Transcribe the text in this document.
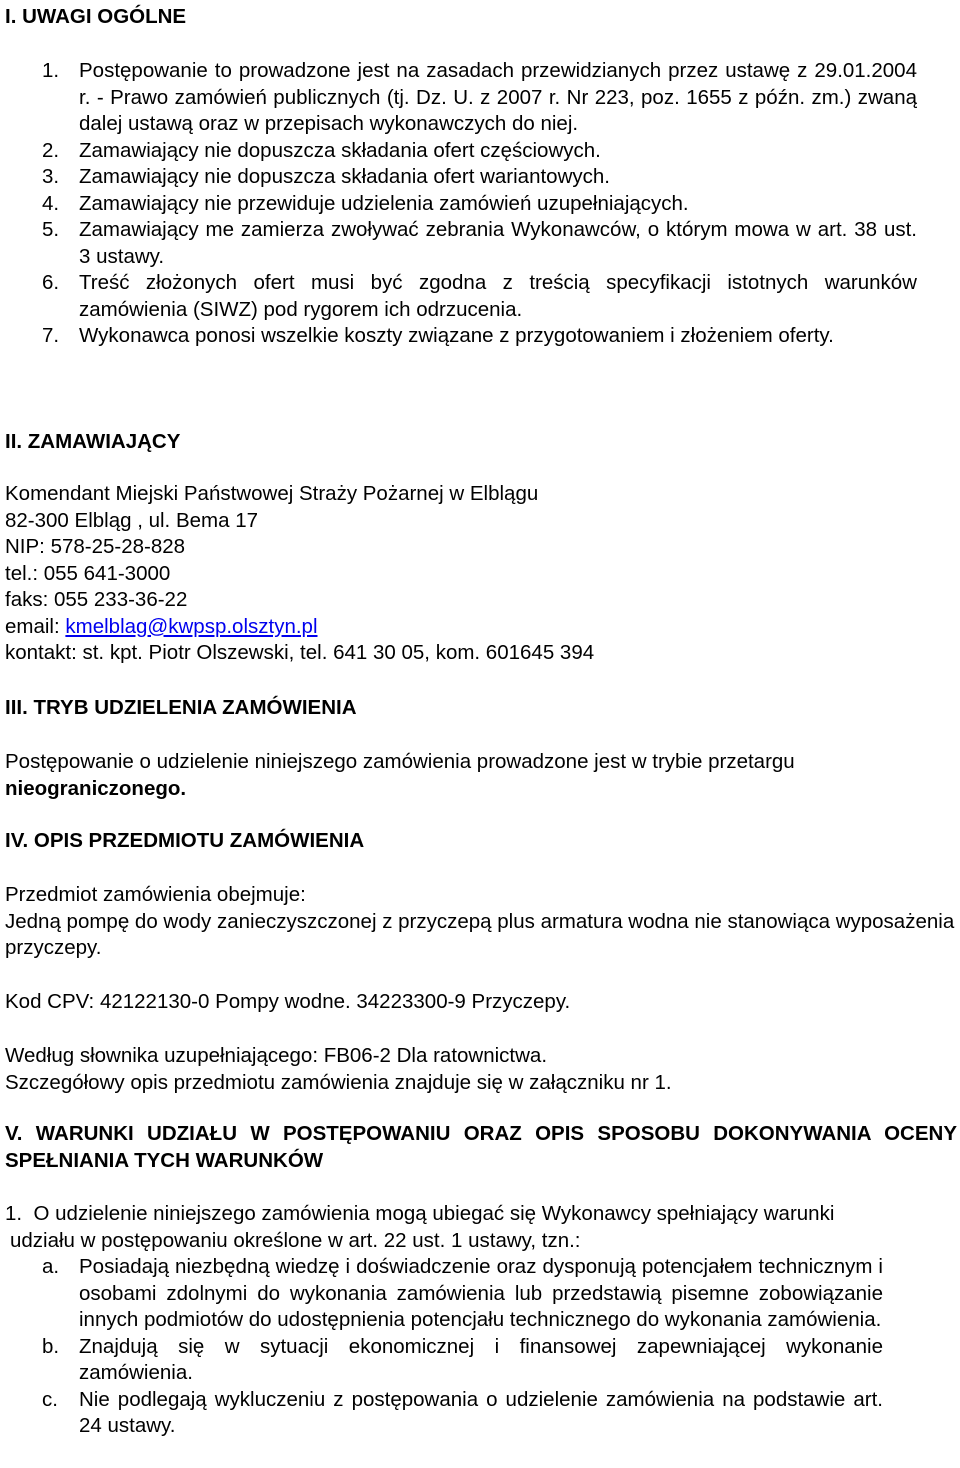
I. UWAGI OGÓLNE

1. Postępowanie to prowadzone jest na zasadach przewidzianych przez ustawę z 29.01.2004 r. - Prawo zamówień publicznych (tj. Dz. U. z 2007 r. Nr 223, poz. 1655 z późn. zm.) zwaną dalej ustawą oraz w przepisach wykonawczych do niej.
2. Zamawiający nie dopuszcza składania ofert częściowych.
3. Zamawiający nie dopuszcza składania ofert wariantowych.
4. Zamawiający nie przewiduje udzielenia zamówień uzupełniających.
5. Zamawiający me zamierza zwoływać zebrania Wykonawców, o którym mowa w art. 38 ust. 3 ustawy.
6. Treść złożonych ofert musi być zgodna z treścią specyfikacji istotnych warunków zamówienia (SIWZ) pod rygorem ich odrzucenia.
7. Wykonawca ponosi wszelkie koszty związane z przygotowaniem i złożeniem oferty.

II. ZAMAWIAJĄCY

Komendant Miejski Państwowej Straży Pożarnej w Elblągu

82-300 Elbląg , ul. Bema 17

NIP: 578-25-28-828

tel.: 055 641-3000

faks: 055 233-36-22

email: kmelblag@kwpsp.olsztyn.pl

kontakt: st. kpt. Piotr Olszewski, tel. 641 30 05, kom. 601645 394

III. TRYB UDZIELENIA ZAMÓWIENIA

Postępowanie o udzielenie niniejszego zamówienia prowadzone jest w trybie przetargu nieograniczonego.

IV. OPIS PRZEDMIOTU ZAMÓWIENIA

Przedmiot zamówienia obejmuje:

Jedną pompę do wody zanieczyszczonej z przyczepą plus armatura wodna nie stanowiąca wyposażenia przyczepy.

Kod CPV: 42122130-0 Pompy wodne. 34223300-9 Przyczepy.

Według słownika uzupełniającego: FB06-2 Dla ratownictwa.

Szczegółowy opis przedmiotu zamówienia znajduje się w załączniku nr 1.

V. WARUNKI UDZIAŁU W POSTĘPOWANIU ORAZ OPIS SPOSOBU DOKONYWANIA OCENY SPEŁNIANIA TYCH WARUNKÓW

1. O udzielenie niniejszego zamówienia mogą ubiegać się Wykonawcy spełniający warunki

udziału w postępowaniu określone w art. 22 ust. 1 ustawy, tzn.:

a. Posiadają niezbędną wiedzę i doświadczenie oraz dysponują potencjałem technicznym i osobami zdolnymi do wykonania zamówienia lub przedstawią pisemne zobowiązanie innych podmiotów do udostępnienia potencjału technicznego do wykonania zamówienia.
b. Znajdują się w sytuacji ekonomicznej i finansowej zapewniającej wykonanie zamówienia.
c. Nie podlegają wykluczeniu z postępowania o udzielenie zamówienia na podstawie art. 24 ustawy.
